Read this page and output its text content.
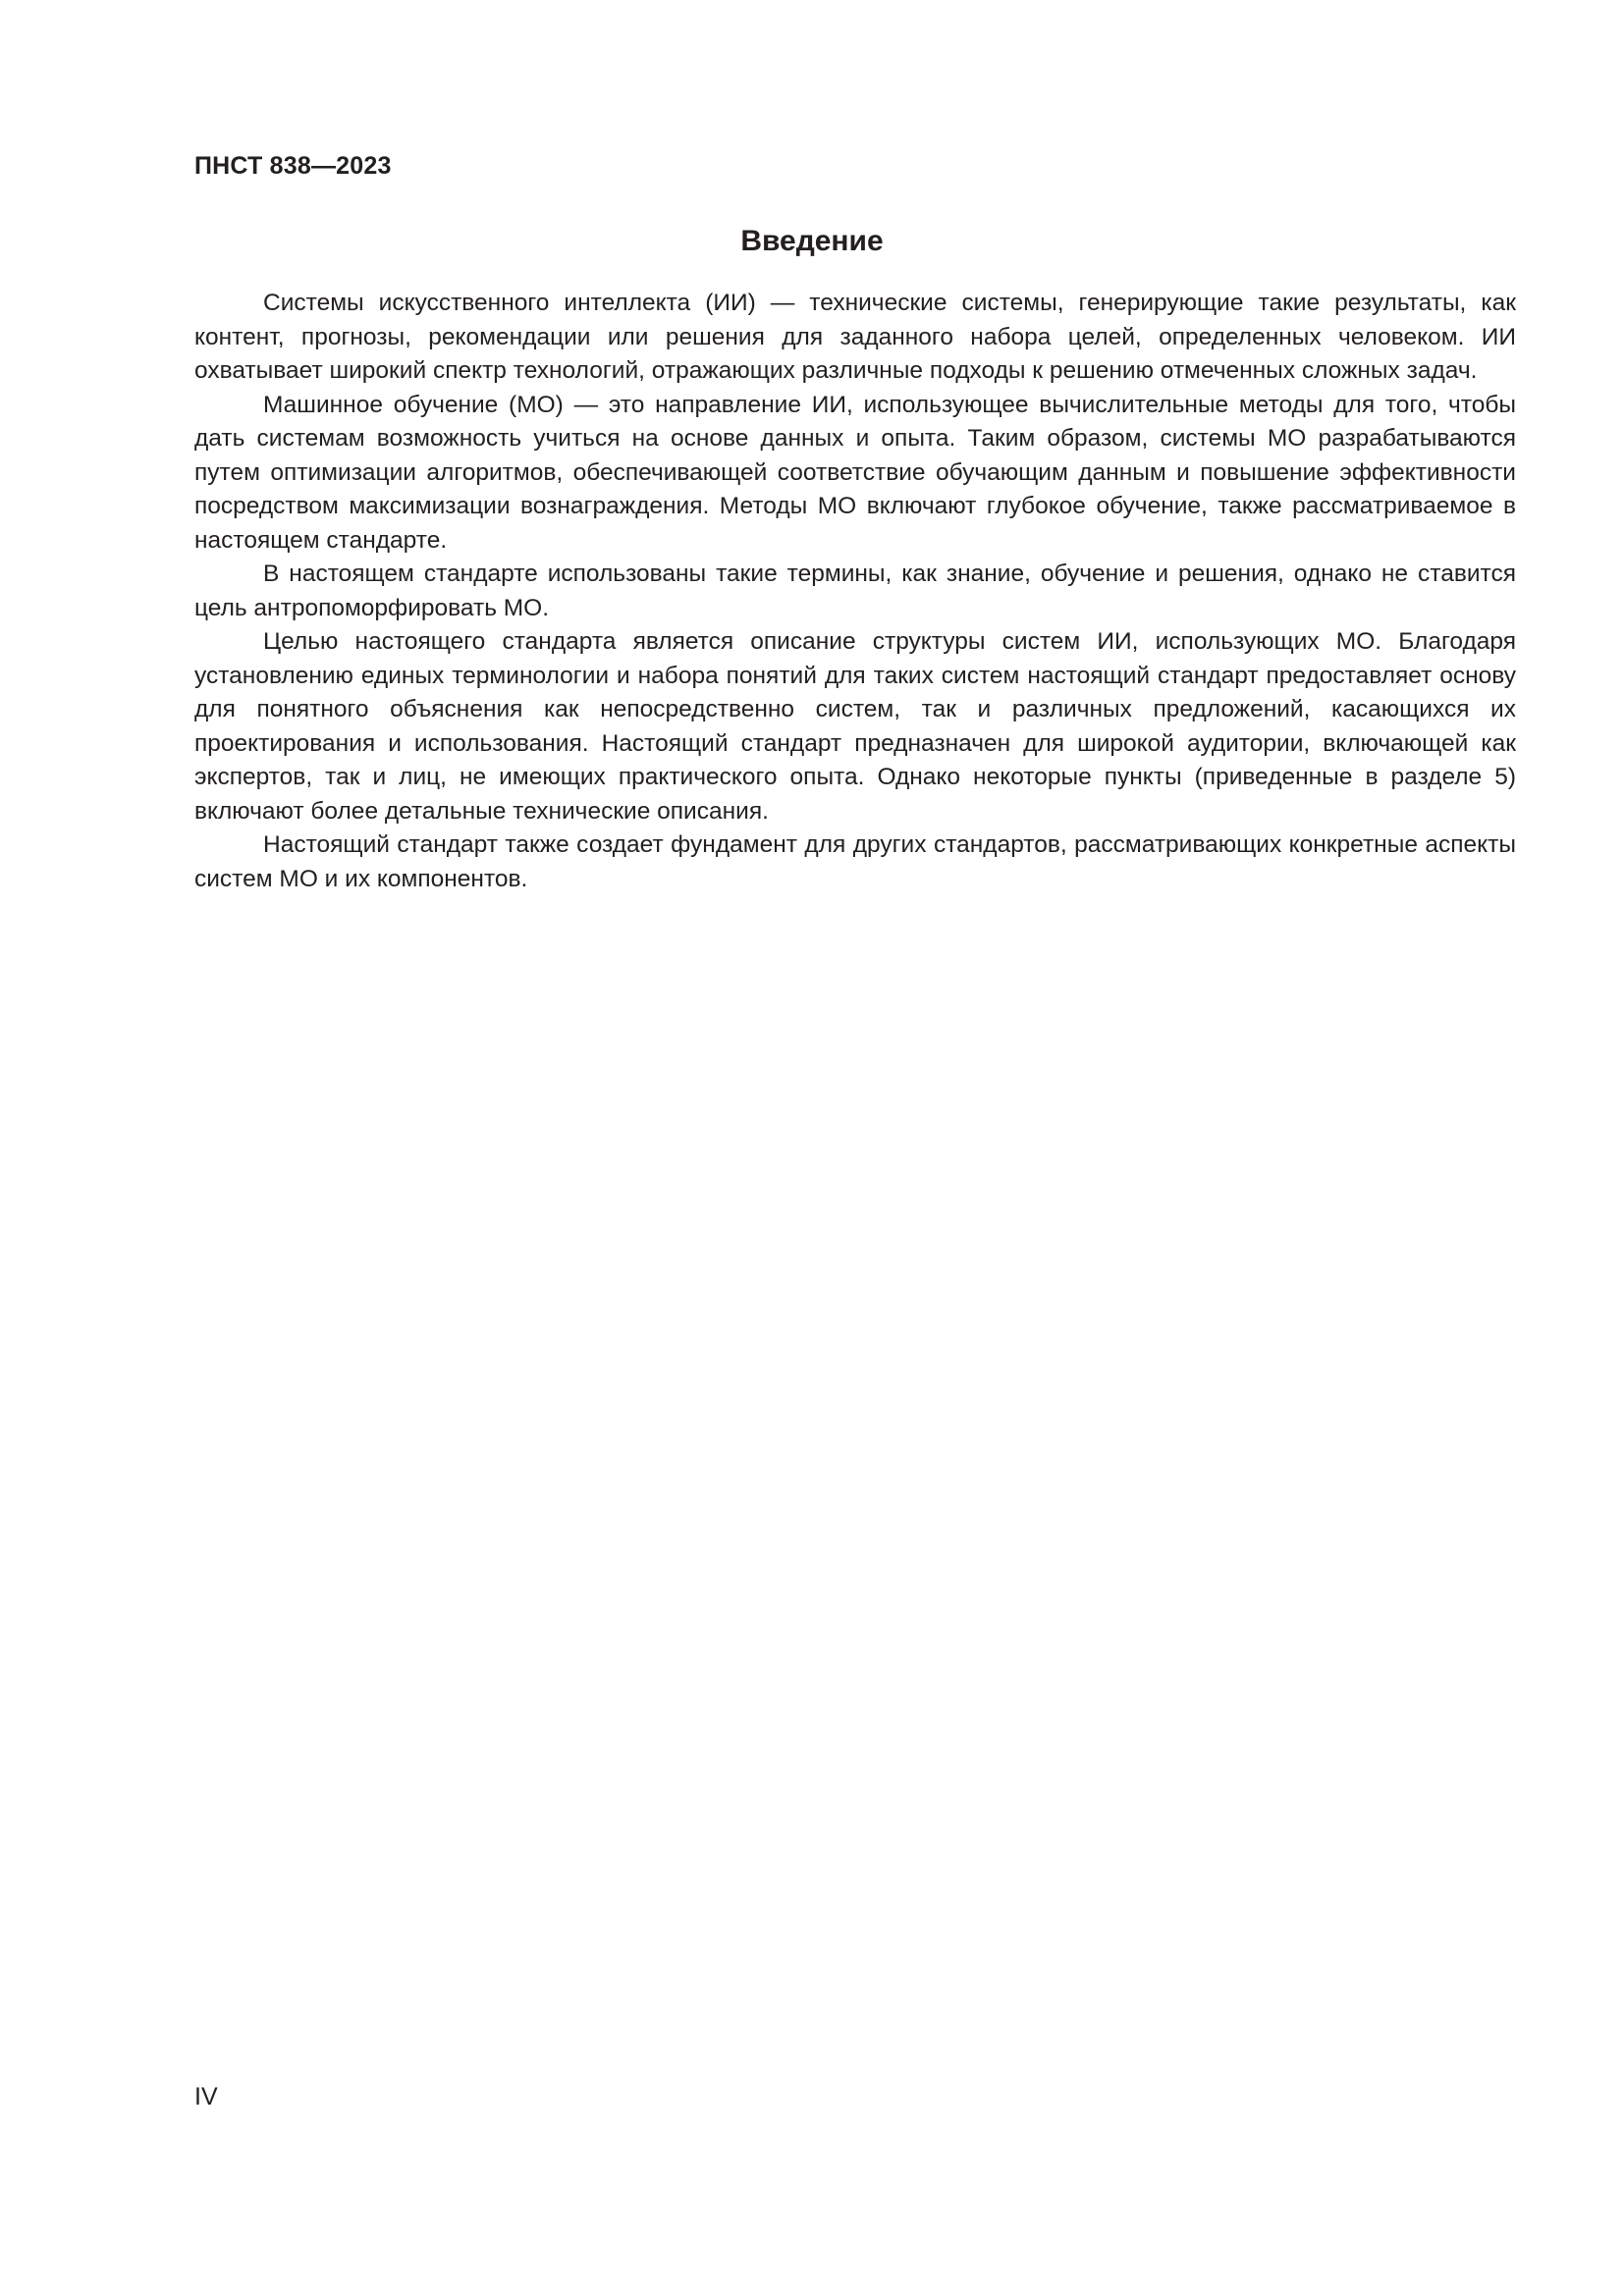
ПНСТ 838—2023
Введение

Системы искусственного интеллекта (ИИ) — технические системы, генерирующие такие результаты, как контент, прогнозы, рекомендации или решения для заданного набора целей, определенных человеком. ИИ охватывает широкий спектр технологий, отражающих различные подходы к решению отмеченных сложных задач.

Машинное обучение (МО) — это направление ИИ, использующее вычислительные методы для того, чтобы дать системам возможность учиться на основе данных и опыта. Таким образом, системы МО разрабатываются путем оптимизации алгоритмов, обеспечивающей соответствие обучающим данным и повышение эффективности посредством максимизации вознаграждения. Методы МО включают глубокое обучение, также рассматриваемое в настоящем стандарте.

В настоящем стандарте использованы такие термины, как знание, обучение и решения, однако не ставится цель антропоморфировать МО.

Целью настоящего стандарта является описание структуры систем ИИ, использующих МО. Благодаря установлению единых терминологии и набора понятий для таких систем настоящий стандарт предоставляет основу для понятного объяснения как непосредственно систем, так и различных предложений, касающихся их проектирования и использования. Настоящий стандарт предназначен для широкой аудитории, включающей как экспертов, так и лиц, не имеющих практического опыта. Однако некоторые пункты (приведенные в разделе 5) включают более детальные технические описания.

Настоящий стандарт также создает фундамент для других стандартов, рассматривающих конкретные аспекты систем МО и их компонентов.

IV
